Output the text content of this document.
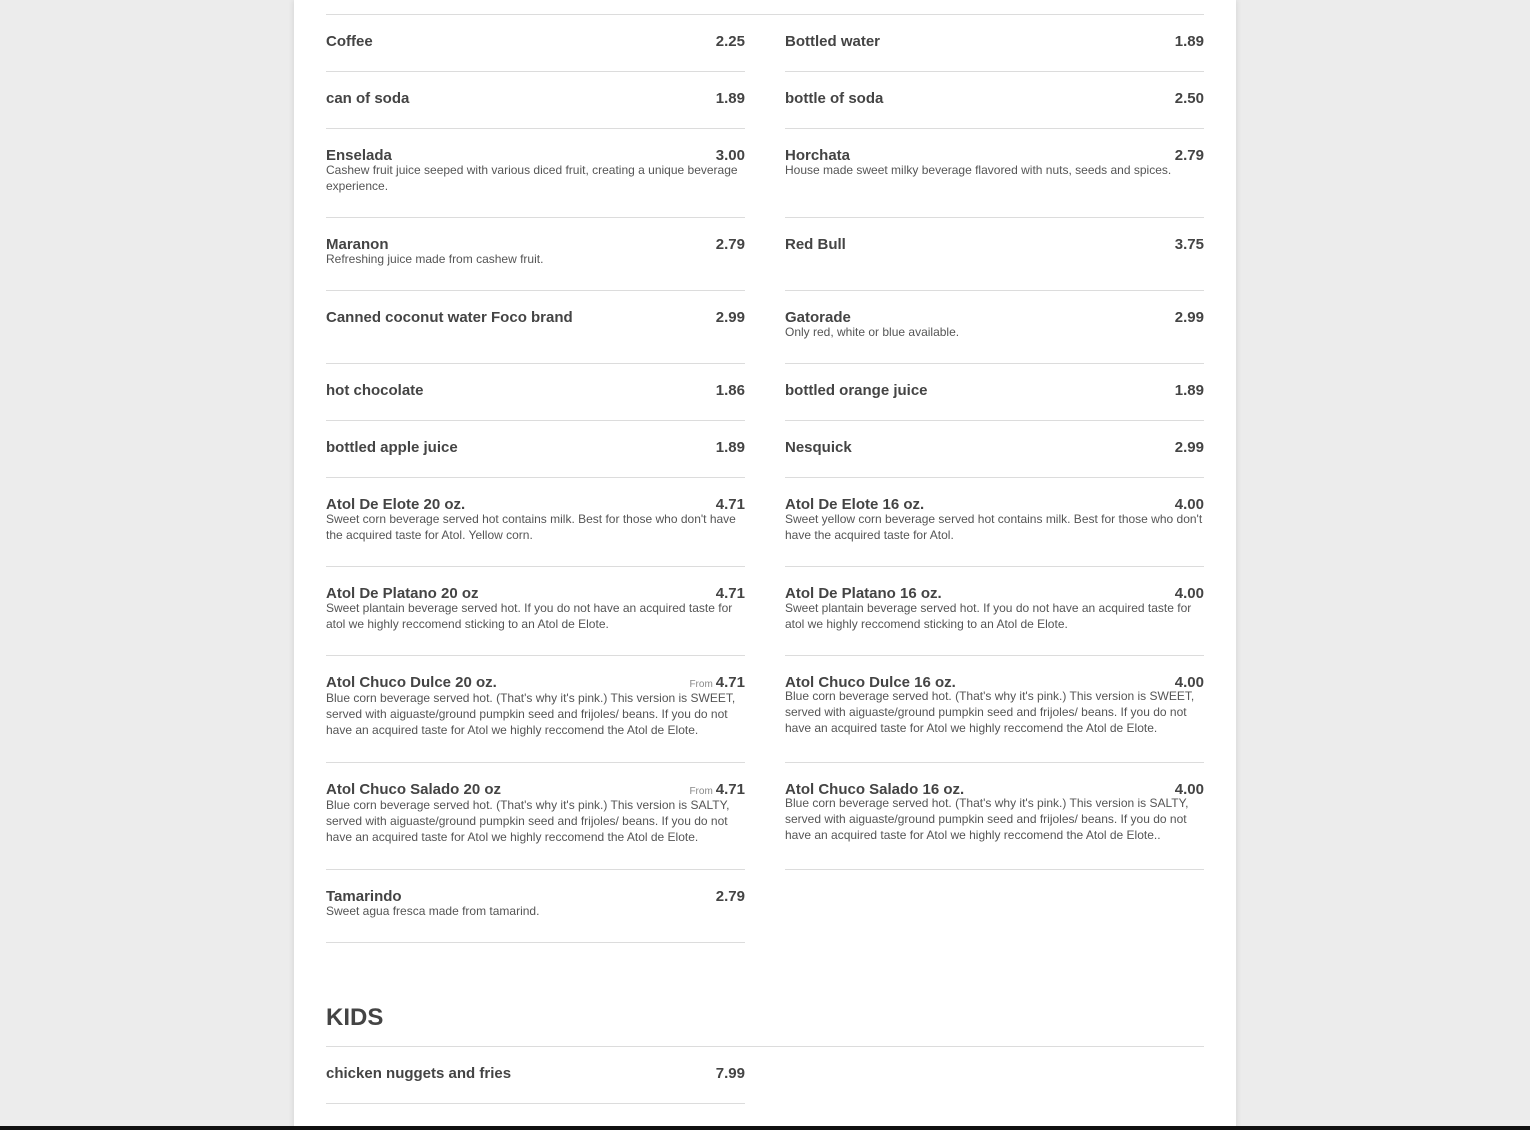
Coffee	2.25
can of soda	1.89
Enselada	3.00
Cashew fruit juice seeped with various diced fruit, creating a unique beverage experience.
Maranon	2.79
Refreshing juice made from cashew fruit.
Canned coconut water Foco brand	2.99
hot chocolate	1.86
bottled apple juice	1.89
Atol De Elote 20 oz.	4.71
Sweet corn beverage served hot contains milk. Best for those who don't have the acquired taste for Atol. Yellow corn.
Atol De Platano 20 oz	4.71
Sweet plantain beverage served hot. If you do not have an acquired taste for atol we highly reccomend sticking to an Atol de Elote.
Atol Chuco Dulce 20 oz.	From 4.71
Blue corn beverage served hot. (That's why it's pink.) This version is SWEET, served with aiguaste/ground pumpkin seed and frijoles/ beans. If you do not have an acquired taste for Atol we highly reccomend the Atol de Elote.
Atol Chuco Salado 20 oz	From 4.71
Blue corn beverage served hot. (That's why it's pink.) This version is SALTY, served with aiguaste/ground pumpkin seed and frijoles/ beans. If you do not have an acquired taste for Atol we highly reccomend the Atol de Elote.
Tamarindo	2.79
Sweet agua fresca made from tamarind.
Bottled water	1.89
bottle of soda	2.50
Horchata	2.79
House made sweet milky beverage flavored with nuts, seeds and spices.
Red Bull	3.75
Gatorade	2.99
Only red, white or blue available.
bottled orange juice	1.89
Nesquick	2.99
Atol De Elote 16 oz.	4.00
Sweet yellow corn beverage served hot contains milk. Best for those who don't have the acquired taste for Atol.
Atol De Platano 16 oz.	4.00
Sweet plantain beverage served hot. If you do not have an acquired taste for atol we highly reccomend sticking to an Atol de Elote.
Atol Chuco Dulce 16 oz.	4.00
Blue corn beverage served hot. (That's why it's pink.) This version is SWEET, served with aiguaste/ground pumpkin seed and frijoles/ beans. If you do not have an acquired taste for Atol we highly reccomend the Atol de Elote.
Atol Chuco Salado 16 oz.	4.00
Blue corn beverage served hot. (That's why it's pink.) This version is SALTY, served with aiguaste/ground pumpkin seed and frijoles/ beans. If you do not have an acquired taste for Atol we highly reccomend the Atol de Elote..
KIDS
chicken nuggets and fries	7.99
